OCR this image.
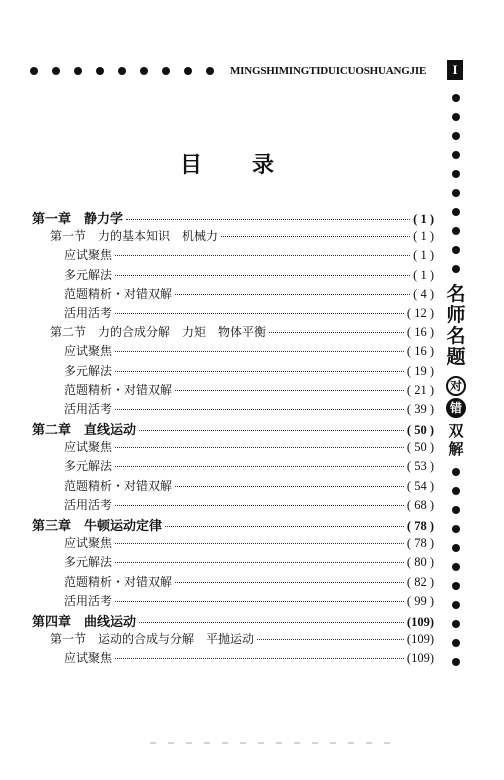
MINGSHIMINGTIDUICUOSHUANGJIE	I
名
师
名
题
对
错
双
解
目录
第一章　静力学	( 1 )
第一节　力的基本知识　机械力	( 1 )
应试聚焦	( 1 )
多元解法	( 1 )
范题精析・对错双解	( 4 )
活用活考	( 12 )
第二节　力的合成分解　力矩　物体平衡	( 16 )
应试聚焦	( 16 )
多元解法	( 19 )
范题精析・对错双解	( 21 )
活用活考	( 39 )
第二章　直线运动	( 50 )
应试聚焦	( 50 )
多元解法	( 53 )
范题精析・对错双解	( 54 )
活用活考	( 68 )
第三章　牛顿运动定律	( 78 )
应试聚焦	( 78 )
多元解法	( 80 )
范题精析・对错双解	( 82 )
活用活考	( 99 )
第四章　曲线运动	(109)
第一节　运动的合成与分解　平抛运动	(109)
应试聚焦	(109)
